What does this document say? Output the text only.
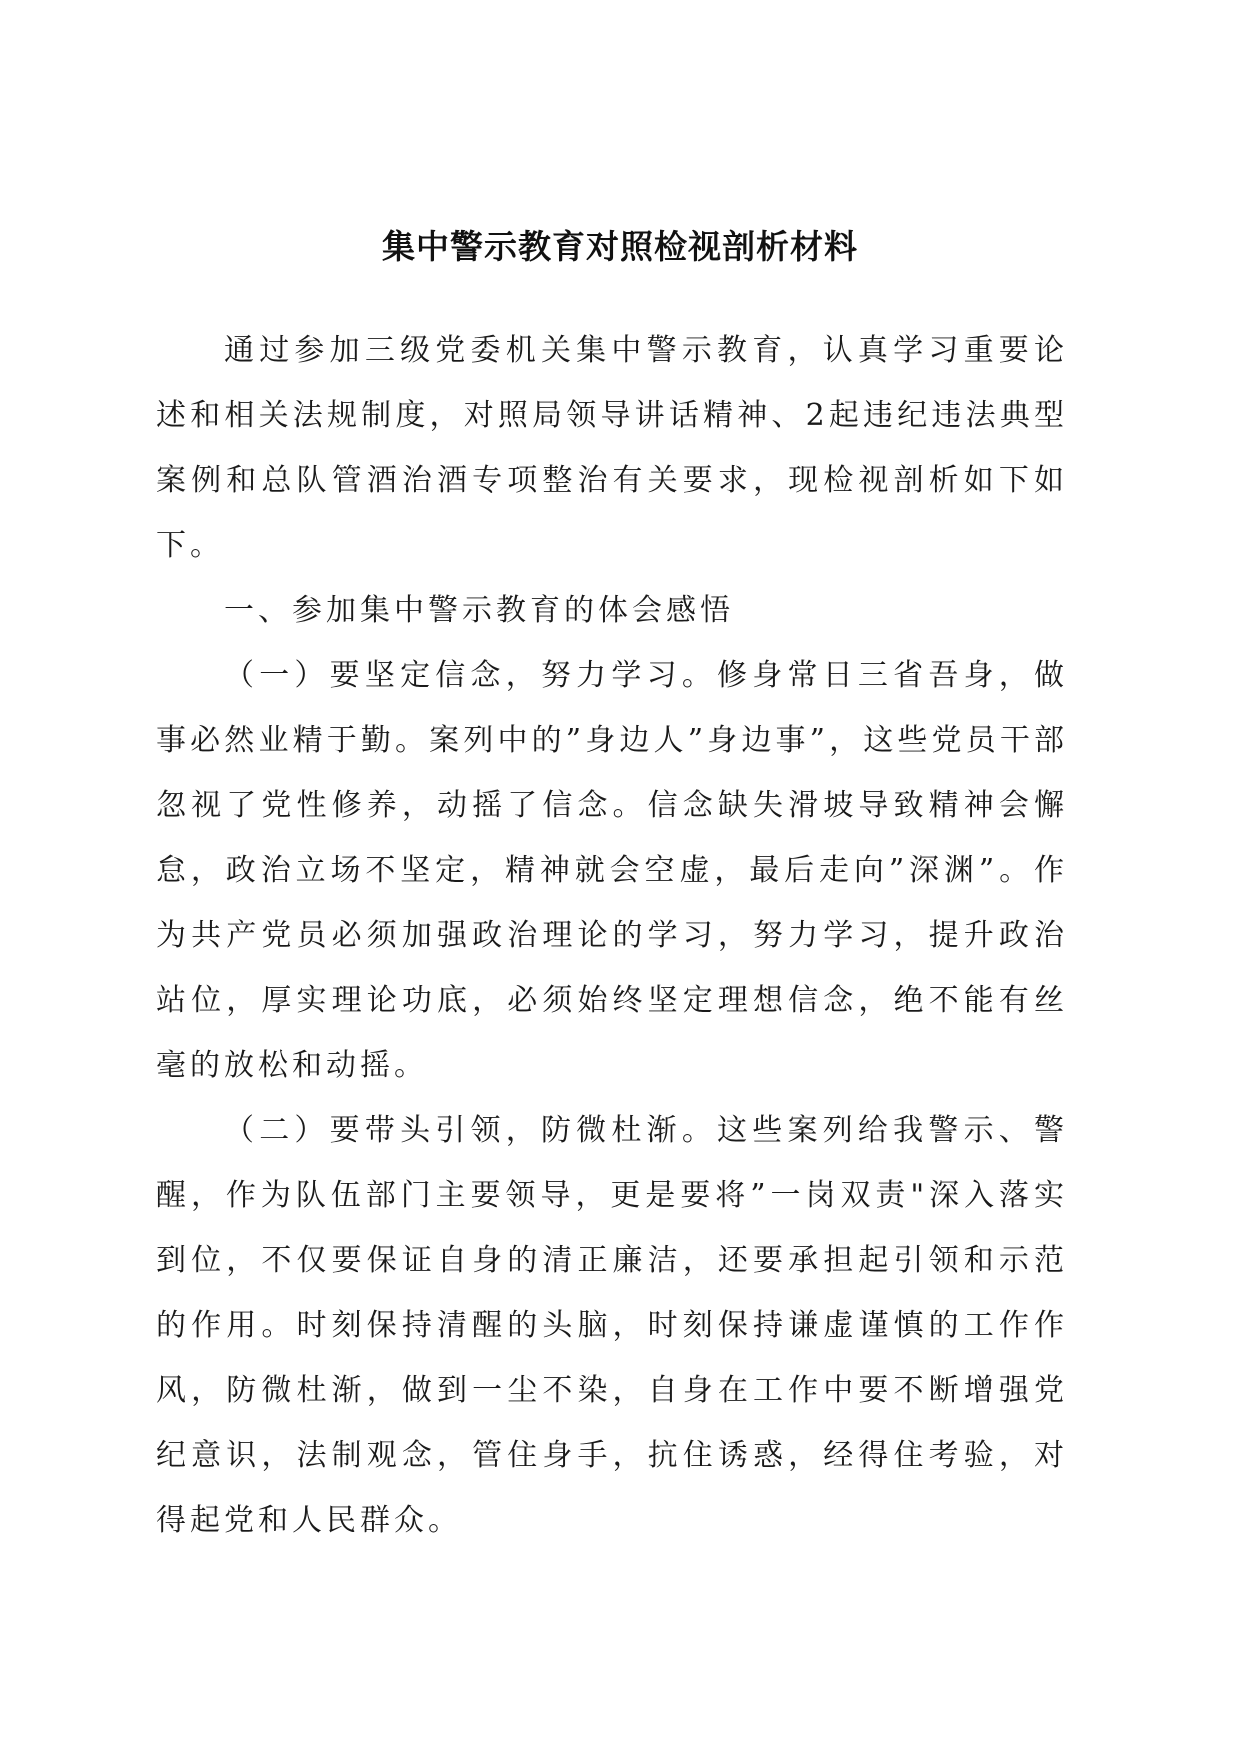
集中警示教育对照检视剖析材料

通过参加三级党委机关集中警示教育，认真学习重要论述和相关法规制度，对照局领导讲话精神、2起违纪违法典型案例和总队管酒治酒专项整治有关要求，现检视剖析如下如下。

一、参加集中警示教育的体会感悟

（一）要坚定信念，努力学习。修身常日三省吾身，做事必然业精于勤。案列中的”身边人”身边事”，这些党员干部忽视了党性修养，动摇了信念。信念缺失滑坡导致精神会懈怠，政治立场不坚定，精神就会空虚，最后走向”深渊”。作为共产党员必须加强政治理论的学习，努力学习，提升政治站位，厚实理论功底，必须始终坚定理想信念，绝不能有丝毫的放松和动摇。

（二）要带头引领，防微杜渐。这些案列给我警示、警醒，作为队伍部门主要领导，更是要将”一岗双责"深入落实到位，不仅要保证自身的清正廉洁，还要承担起引领和示范的作用。时刻保持清醒的头脑，时刻保持谦虚谨慎的工作作风，防微杜渐，做到一尘不染，自身在工作中要不断增强党纪意识，法制观念，管住身手，抗住诱惑，经得住考验，对得起党和人民群众。
